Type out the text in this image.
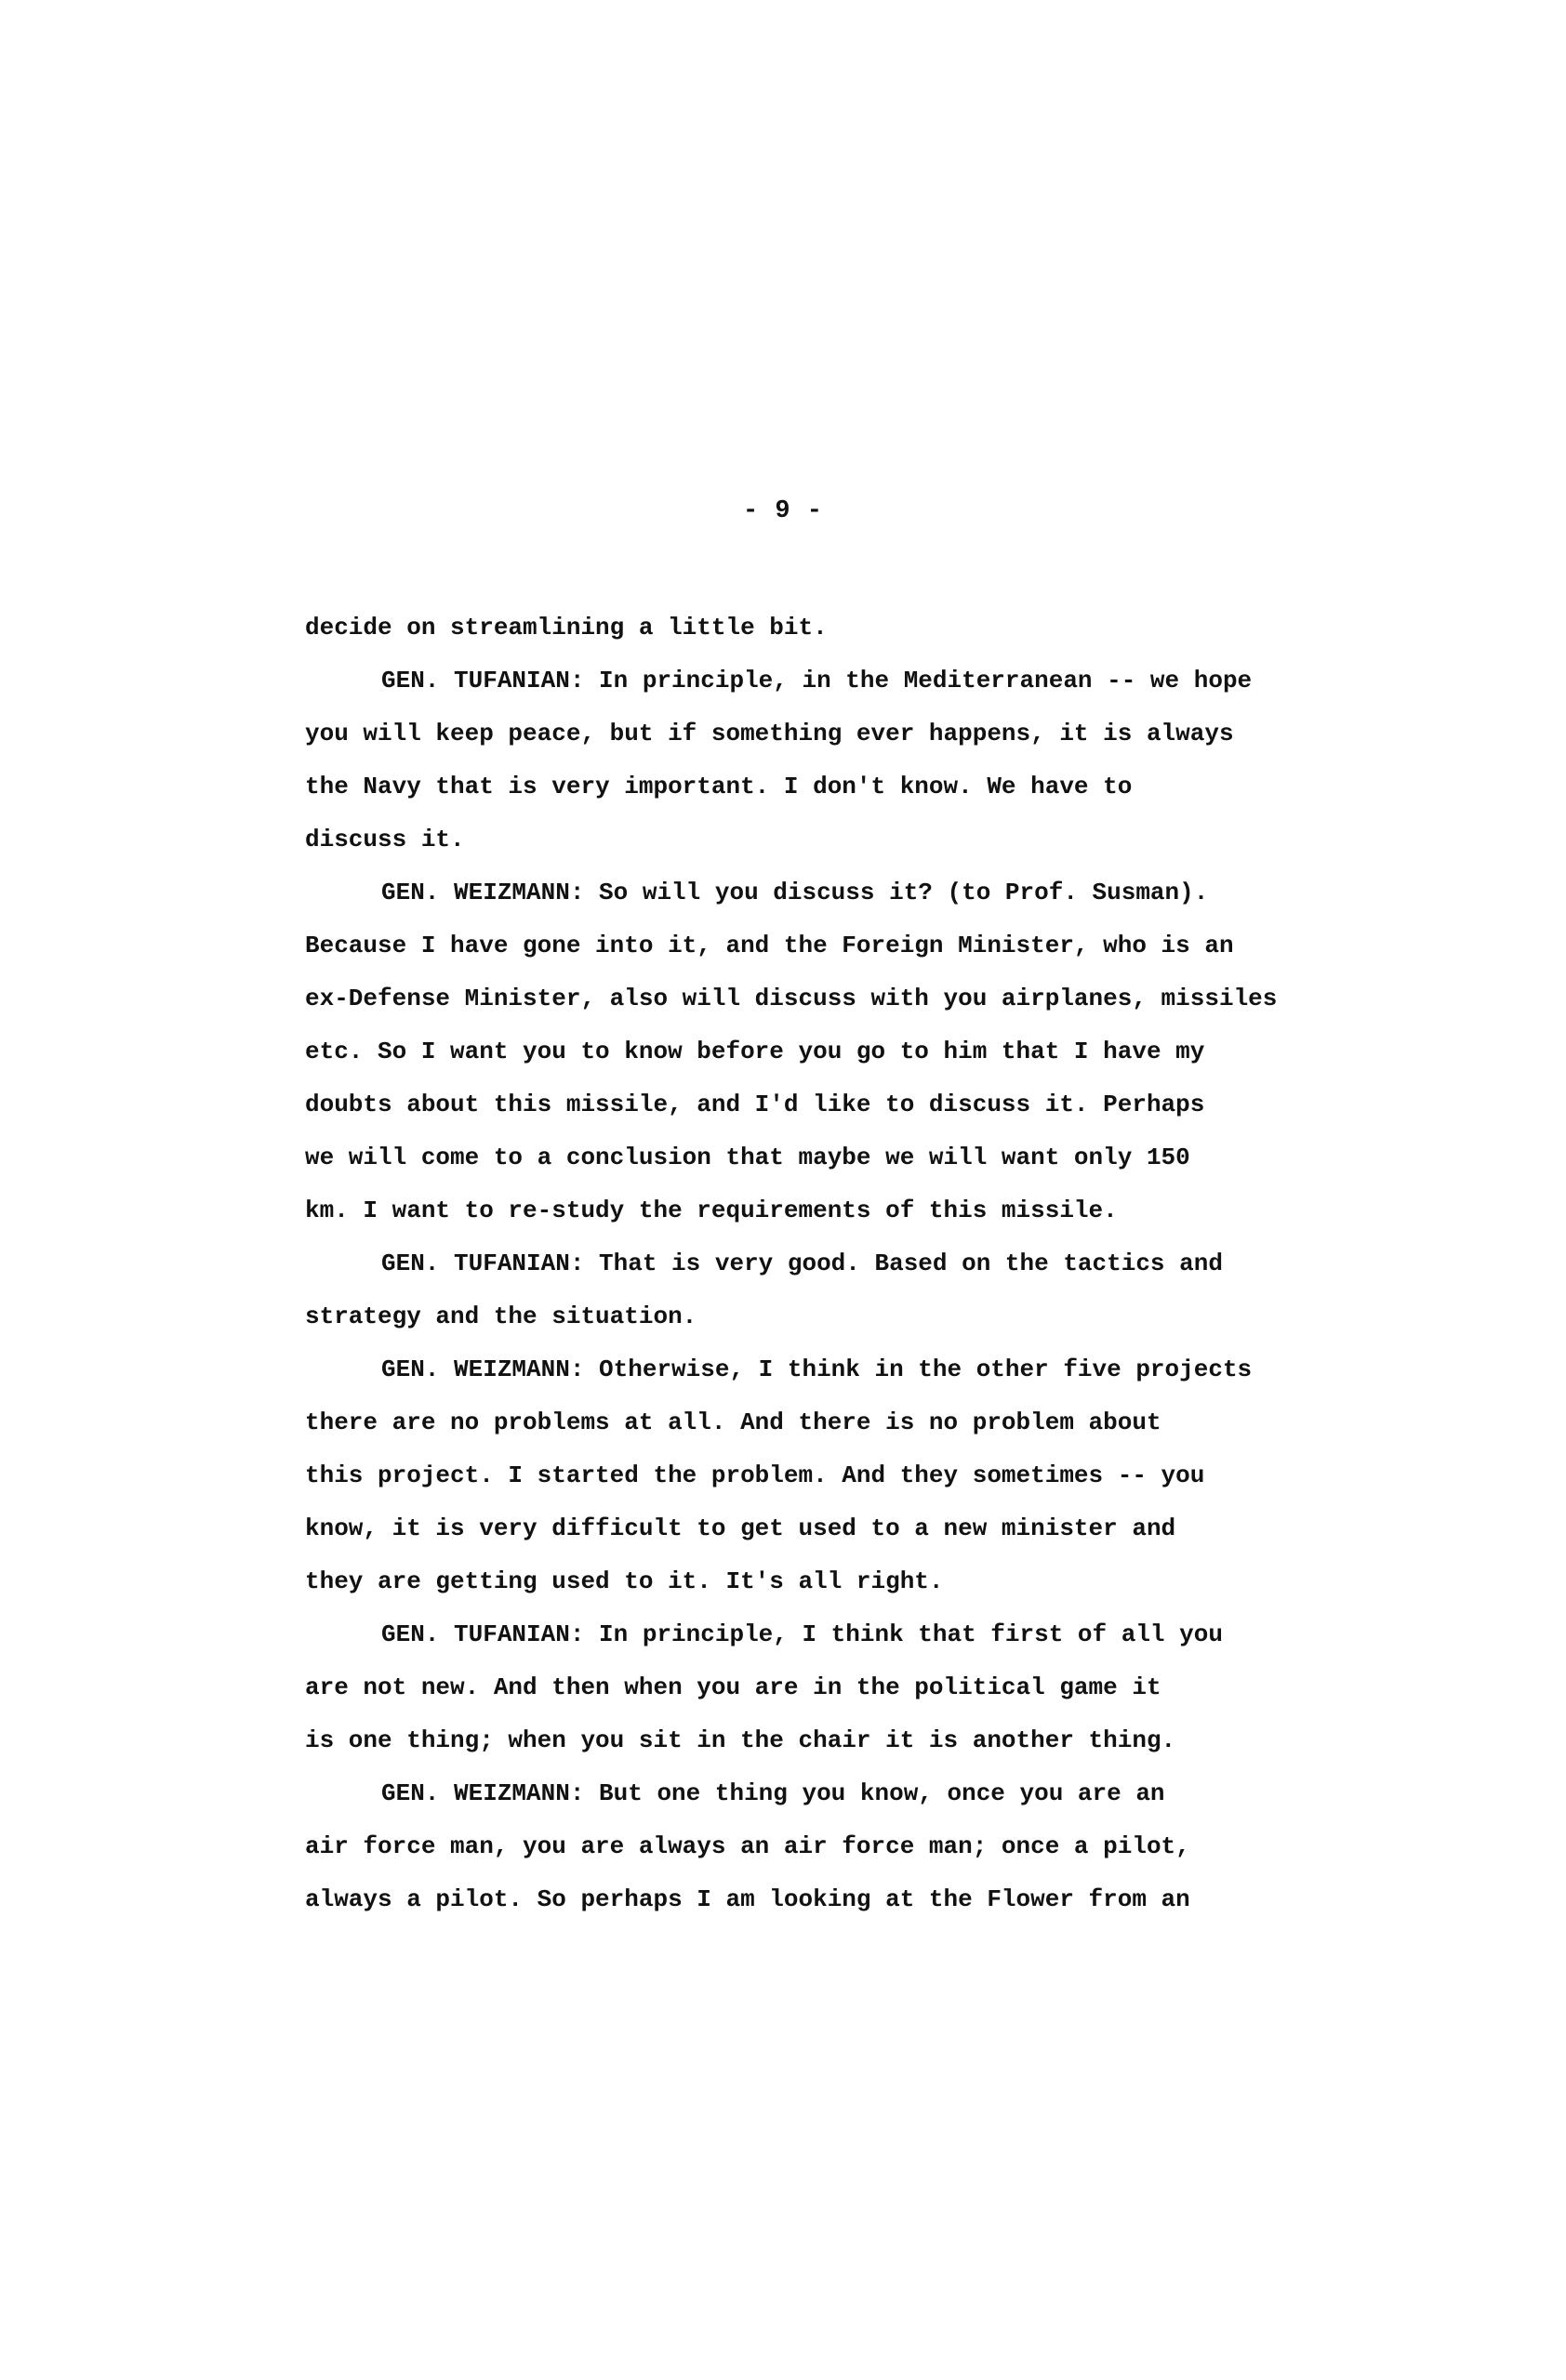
- 9 -
decide on streamlining a little bit.
GEN. TUFANIAN: In principle, in the Mediterranean -- we hope
you will keep peace, but if something ever happens, it is always
the Navy that is very important. I don't know. We have to
discuss it.
GEN. WEIZMANN: So will you discuss it? (to Prof. Susman).
Because I have gone into it, and the Foreign Minister, who is an
ex-Defense Minister, also will discuss with you airplanes, missiles
etc. So I want you to know before you go to him that I have my
doubts about this missile, and I'd like to discuss it. Perhaps
we will come to a conclusion that maybe we will want only 150
km. I want to re-study the requirements of this missile.
GEN. TUFANIAN: That is very good. Based on the tactics and
strategy and the situation.
GEN. WEIZMANN: Otherwise, I think in the other five projects
there are no problems at all. And there is no problem about
this project. I started the problem. And they sometimes -- you
know, it is very difficult to get used to a new minister and
they are getting used to it. It's all right.
GEN. TUFANIAN: In principle, I think that first of all you
are not new. And then when you are in the political game it
is one thing; when you sit in the chair it is another thing.
GEN. WEIZMANN: But one thing you know, once you are an
air force man, you are always an air force man; once a pilot,
always a pilot. So perhaps I am looking at the Flower from an
